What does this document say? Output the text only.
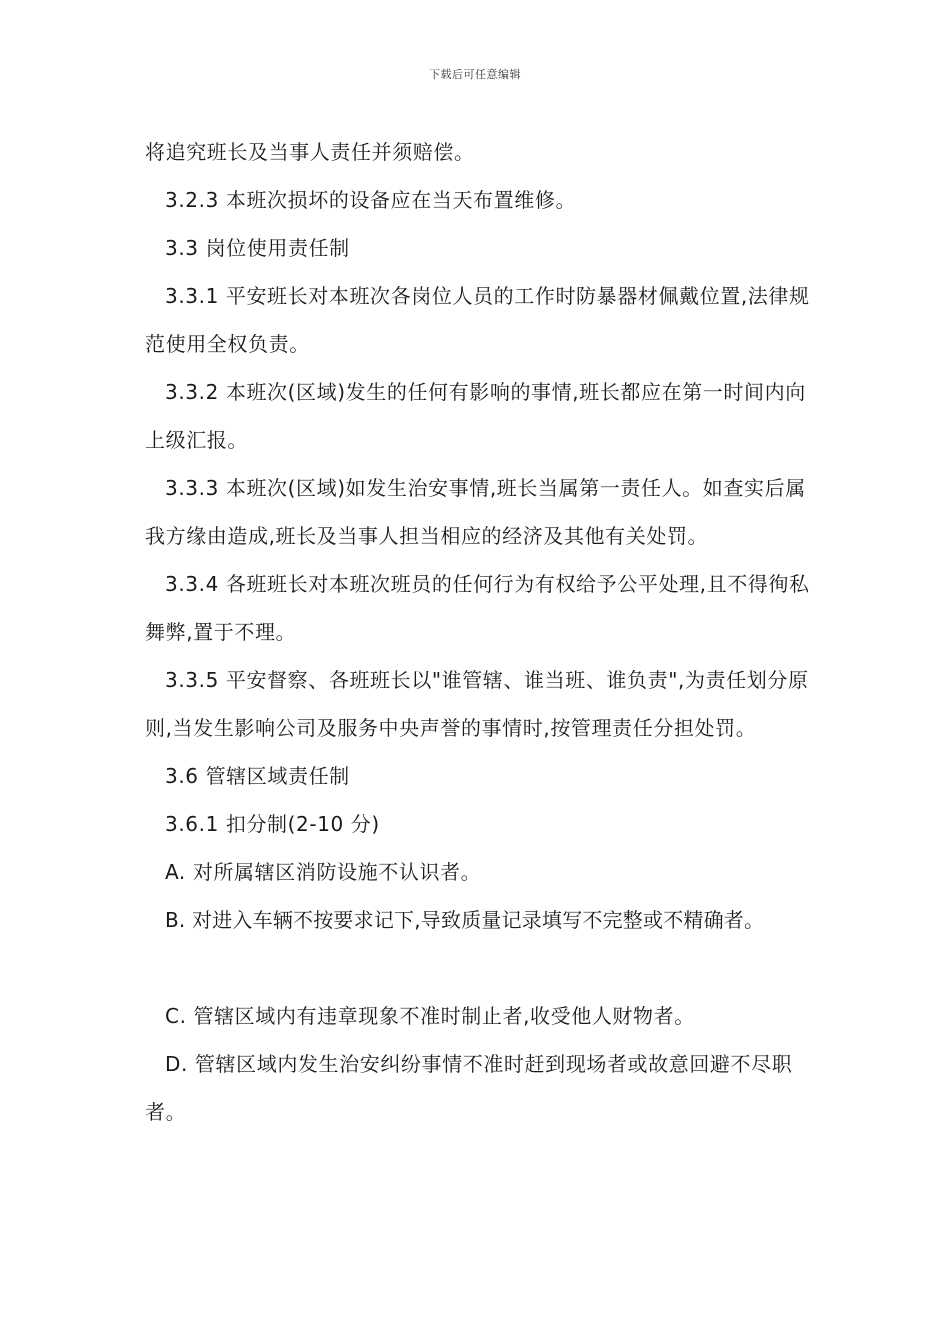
下载后可任意编辑

将追究班长及当事人责任并须赔偿。

3.2.3 本班次损坏的设备应在当天布置维修。

3.3 岗位使用责任制

3.3.1 平安班长对本班次各岗位人员的工作时防暴器材佩戴位置,法律规范使用全权负责。

3.3.2 本班次(区域)发生的任何有影响的事情,班长都应在第一时间内向上级汇报。

3.3.3 本班次(区域)如发生治安事情,班长当属第一责任人。如查实后属我方缘由造成,班长及当事人担当相应的经济及其他有关处罚。

3.3.4 各班班长对本班次班员的任何行为有权给予公平处理,且不得徇私舞弊,置于不理。

3.3.5 平安督察、各班班长以"谁管辖、谁当班、谁负责",为责任划分原则,当发生影响公司及服务中央声誉的事情时,按管理责任分担处罚。

3.6 管辖区域责任制

3.6.1 扣分制(2-10 分)

A. 对所属辖区消防设施不认识者。

B. 对进入车辆不按要求记下,导致质量记录填写不完整或不精确者。

C. 管辖区域内有违章现象不准时制止者,收受他人财物者。

D. 管辖区域内发生治安纠纷事情不准时赶到现场者或故意回避不尽职者。
